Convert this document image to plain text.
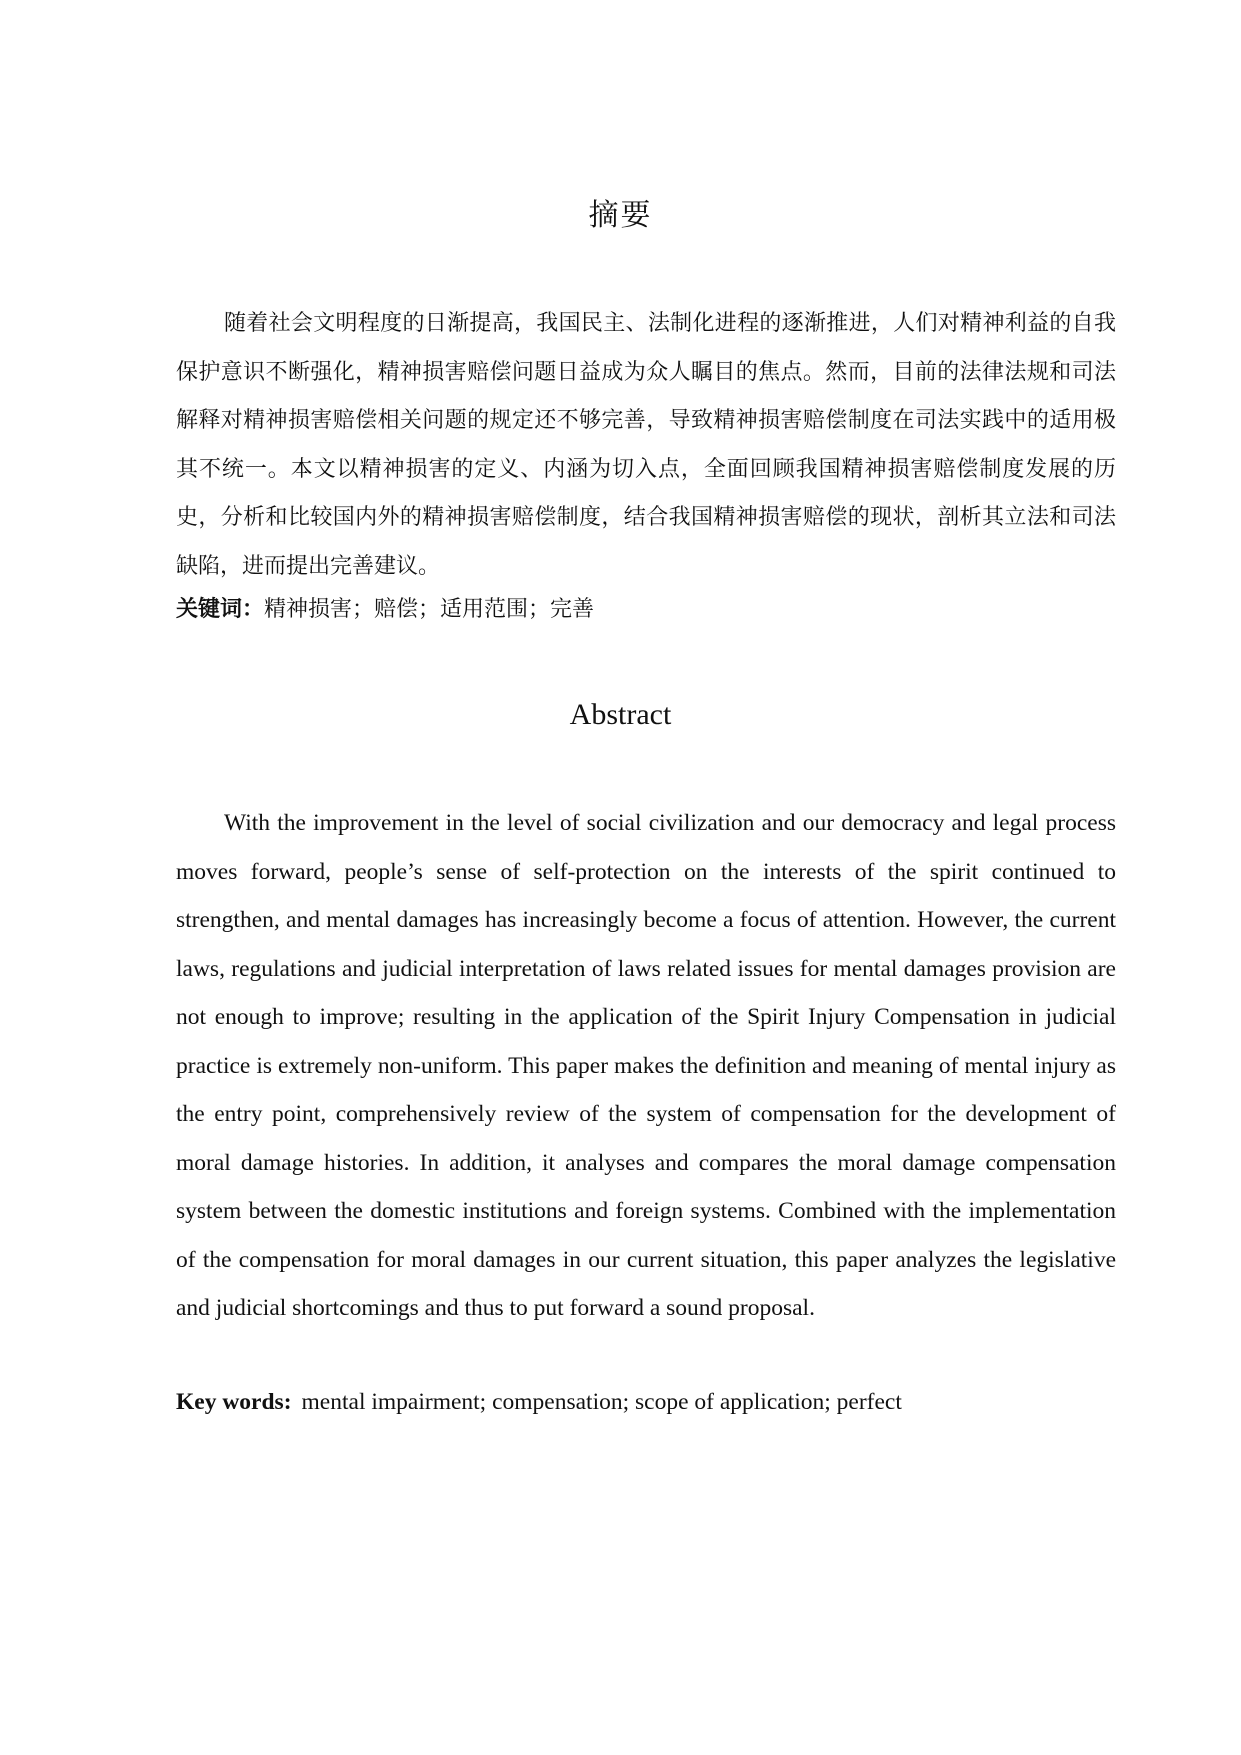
摘要

随着社会文明程度的日渐提高，我国民主、法制化进程的逐渐推进，人们对精神利益的自我保护意识不断强化，精神损害赔偿问题日益成为众人瞩目的焦点。然而，目前的法律法规和司法解释对精神损害赔偿相关问题的规定还不够完善，导致精神损害赔偿制度在司法实践中的适用极其不统一。本文以精神损害的定义、内涵为切入点，全面回顾我国精神损害赔偿制度发展的历史，分析和比较国内外的精神损害赔偿制度，结合我国精神损害赔偿的现状，剖析其立法和司法缺陷，进而提出完善建议。

关键词：精神损害；赔偿；适用范围；完善
Abstract

With the improvement in the level of social civilization and our democracy and legal process moves forward, people’s sense of self-protection on the interests of the spirit continued to strengthen, and mental damages has increasingly become a focus of attention. However, the current laws, regulations and judicial interpretation of laws related issues for mental damages provision are not enough to improve; resulting in the application of the Spirit Injury Compensation in judicial practice is extremely non-uniform. This paper makes the definition and meaning of mental injury as the entry point, comprehensively review of the system of compensation for the development of moral damage histories. In addition, it analyses and compares the moral damage compensation system between the domestic institutions and foreign systems. Combined with the implementation of the compensation for moral damages in our current situation, this paper analyzes the legislative and judicial shortcomings and thus to put forward a sound proposal.

Key words: mental impairment; compensation; scope of application; perfect
